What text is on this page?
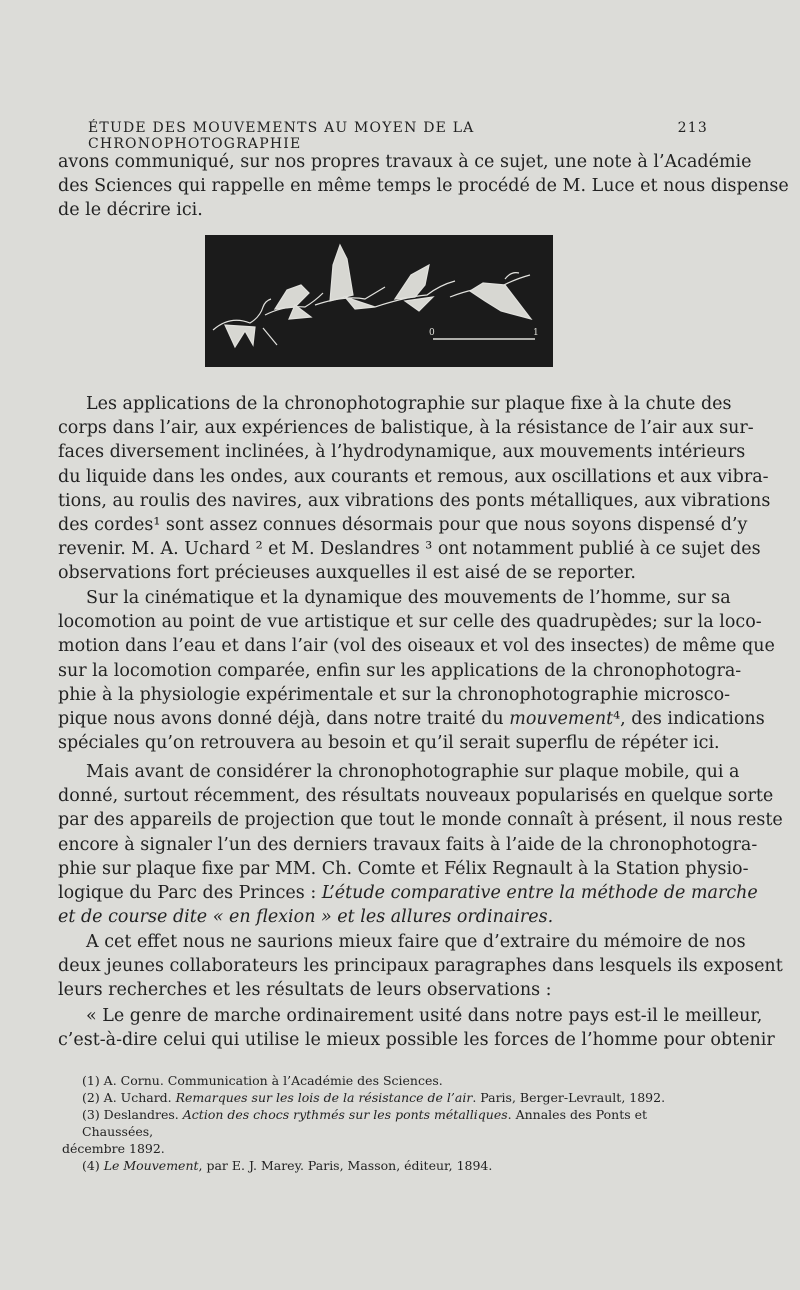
ÉTUDE DES MOUVEMENTS AU MOYEN DE LA CHRONOPHOTOGRAPHIE
213
avons communiqué, sur nos propres travaux à ce sujet, une note à l’Académie
des Sciences qui rappelle en même temps le procédé de M. Luce et nous dispense
de le décrire ici.
0	1
Les applications de la chronophotographie sur plaque fixe à la chute des
corps dans l’air, aux expériences de balistique, à la résistance de l’air aux sur-
faces diversement inclinées, à l’hydrodynamique, aux mouvements intérieurs
du liquide dans les ondes, aux courants et remous, aux oscillations et aux vibra-
tions, au roulis des navires, aux vibrations des ponts métalliques, aux vibrations
des cordes¹ sont assez connues désormais pour que nous soyons dispensé d’y
revenir. M. A. Uchard ² et M. Deslandres ³ ont notamment publié à ce sujet des
observations fort précieuses auxquelles il est aisé de se reporter.
Sur la cinématique et la dynamique des mouvements de l’homme, sur sa
locomotion au point de vue artistique et sur celle des quadrupèdes; sur la loco-
motion dans l’eau et dans l’air (vol des oiseaux et vol des insectes) de même que
sur la locomotion comparée, enfin sur les applications de la chronophotogra-
phie à la physiologie expérimentale et sur la chronophotographie microsco-
pique nous avons donné déjà, dans notre traité du mouvement⁴, des indications
spéciales qu’on retrouvera au besoin et qu’il serait superflu de répéter ici.
Mais avant de considérer la chronophotographie sur plaque mobile, qui a
donné, surtout récemment, des résultats nouveaux popularisés en quelque sorte
par des appareils de projection que tout le monde connaît à présent, il nous reste
encore à signaler l’un des derniers travaux faits à l’aide de la chronophotogra-
phie sur plaque fixe par MM. Ch. Comte et Félix Regnault à la Station physio-
logique du Parc des Princes : L’étude comparative entre la méthode de marche
et de course dite « en flexion » et les allures ordinaires.
A cet effet nous ne saurions mieux faire que d’extraire du mémoire de nos
deux jeunes collaborateurs les principaux paragraphes dans lesquels ils exposent
leurs recherches et les résultats de leurs observations :
« Le genre de marche ordinairement usité dans notre pays est-il le meilleur,
c’est-à-dire celui qui utilise le mieux possible les forces de l’homme pour obtenir
(1) A. Cornu. Communication à l’Académie des Sciences.
(2) A. Uchard. Remarques sur les lois de la résistance de l’air. Paris, Berger-Levrault, 1892.
(3) Deslandres. Action des chocs rythmés sur les ponts métalliques. Annales des Ponts et Chaussées,
décembre 1892.
(4) Le Mouvement, par E. J. Marey. Paris, Masson, éditeur, 1894.
